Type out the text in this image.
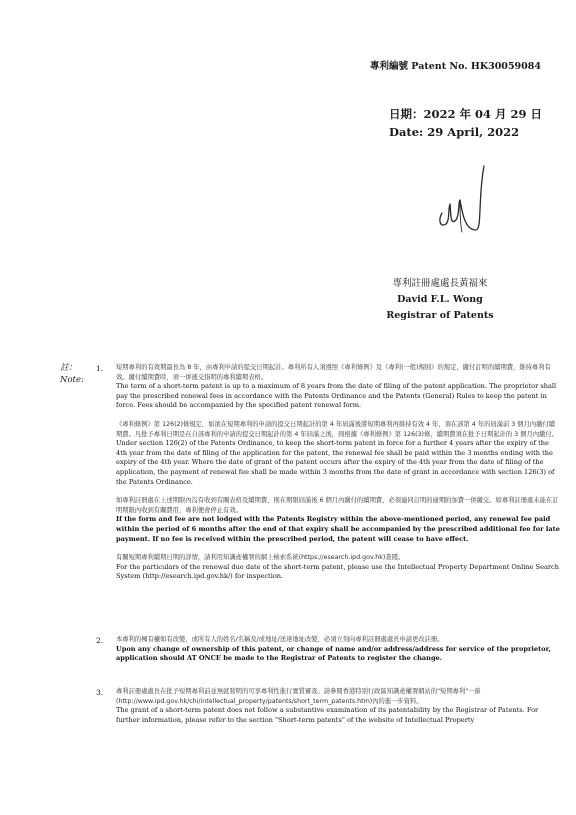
專利編號 Patent No. HK30059084
日期：2022 年 04 月 29 日
Date: 29 April, 2022
專利註冊處處長黃福來
David F.L. Wong
Registrar of Patents
註：
Note:
1. 短期專利的有效期最長為 8 年，由專利申請的提交日期起計。專利所有人須遵照《專利條例》及《專利(一般)規則》的規定，繳付訂明的續期費，維持專利有效。繳付續期費時，須一併遞交指明的專利續期表格。
The term of a short-term patent is up to a maximum of 8 years from the date of filing of the patent application. The proprietor shall pay the prescribed renewal fees in accordance with the Patents Ordinance and the Patents (General) Rules to keep the patent in force. Fees should be accompanied by the specified patent renewal form.

《專利條例》第 126(2)條規定，如欲在短期專利的申請的提交日期起計的第 4 年屆滿後將短期專利再維持有效 4 年，須在該第 4 年的屆滿前 3 個月內繳付續期費。凡批予專利日期是在自該專利的申請的提交日期起計的第 4 年屆滿之後，則根據《專利條例》第 126(3)條，續期費須在批予日期起計的 3 個月內繳付。
Under section 126(2) of the Patents Ordinance, to keep the short-term patent in force for a further 4 years after the expiry of the 4th year from the date of filing of the application for the patent, the renewal fee shall be paid within the 3 months ending with the expiry of the 4th year. Where the date of grant of the patent occurs after the expiry of the 4th year from the date of filing of the application, the payment of renewal fee shall be made within 3 months from the date of grant in accordance with section 126(3) of the Patents Ordinance.

如專利註冊處在上述期限內沒有收到有關表格及續期費，則在期限屆滿後 6 個月內繳付的續期費，必須連同訂明的逾期附加費一併繳交。如專利註冊處未能在訂明期限內收到有關費用，專利便會停止有效。
If the form and fee are not lodged with the Patents Registry within the above-mentioned period, any renewal fee paid within the period of 6 months after the end of that expiry shall be accompanied by the prescribed additional fee for late payment. If no fee is received within the prescribed period, the patent will cease to have effect.

有關短期專利續期日期的詳情，請利用知識產權署的網上檢索系統(https://esearch.ipd.gov.hk)查閱。
For the particulars of the renewal due date of the short-term patent, please use the Intellectual Property Department Online Search System (http://esearch.ipd.gov.hk/) for inspection.

2. 本專利的擁有權如有改變，或所有人的姓名/名稱及/或地址/送達地址改變，必須立刻向專利註冊處處長申請更改註冊。
Upon any change of ownership of this patent, or change of name and/or address/address for service of the proprietor, application should AT ONCE be made to the Registrar of Patents to register the change.

3. 專利註冊處處長在批予短期專利前並無就發明的可享專利性進行實質審查。請參閱香港特別行政區知識產權署網站的"短期專利"一節(http://www.ipd.gov.hk/chi/intellectual_property/patents/short_term_patents.htm)內的進一步資料。
The grant of a short-term patent does not follow a substantive examination of its patentability by the Registrar of Patents. For further information, please refer to the section "Short-term patents" of the website of Intellectual Property
